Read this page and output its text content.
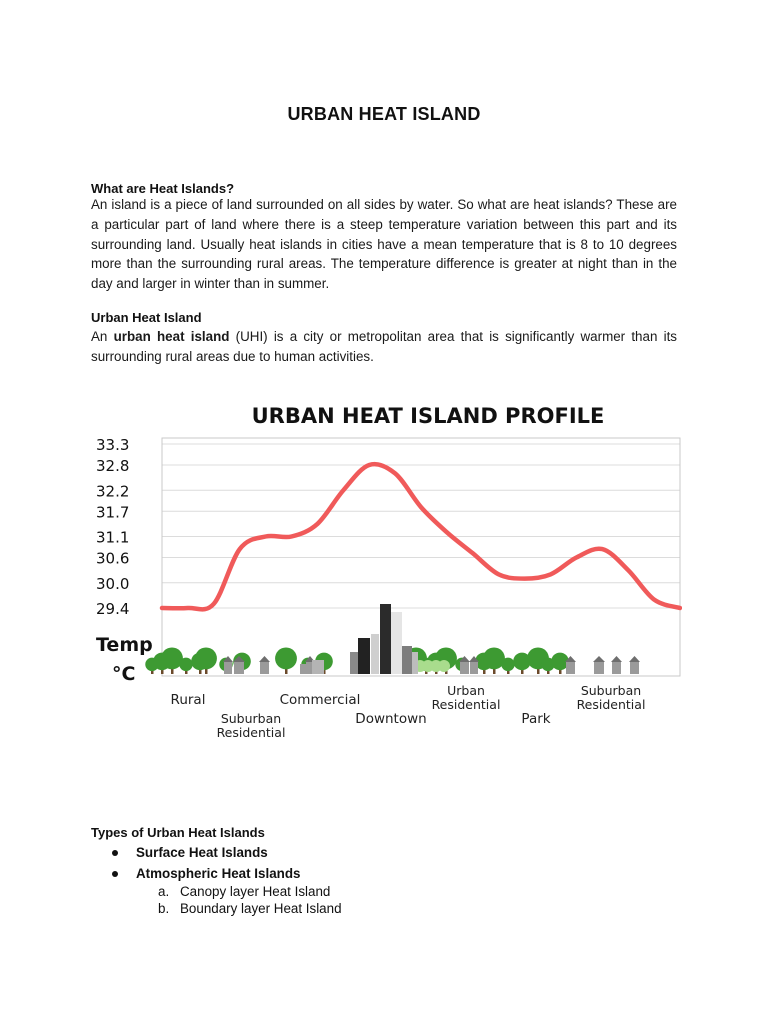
URBAN HEAT ISLAND
What are Heat Islands?
An island is a piece of land surrounded on all sides by water. So what are heat islands? These are a particular part of land where there is a steep temperature variation between this part and its surrounding land. Usually heat islands in cities have a mean temperature that is 8 to 10 degrees more than the surrounding rural areas. The temperature difference is greater at night than in the day and larger in winter than in summer.
Urban Heat Island
An urban heat island (UHI) is a city or metropolitan area that is significantly warmer than its surrounding rural areas due to human activities.
URBAN HEAT ISLAND PROFILE
33.3
32.8
32.2
31.7
31.1
30.6
30.0
29.4
Temp
°C
Rural
Suburban
Residential
Commercial
Downtown
Urban
Residential
Park
Suburban
Residential
Types of Urban Heat Islands
Surface Heat Islands
Atmospheric Heat Islands
a. Canopy layer Heat Island
b. Boundary layer Heat Island
